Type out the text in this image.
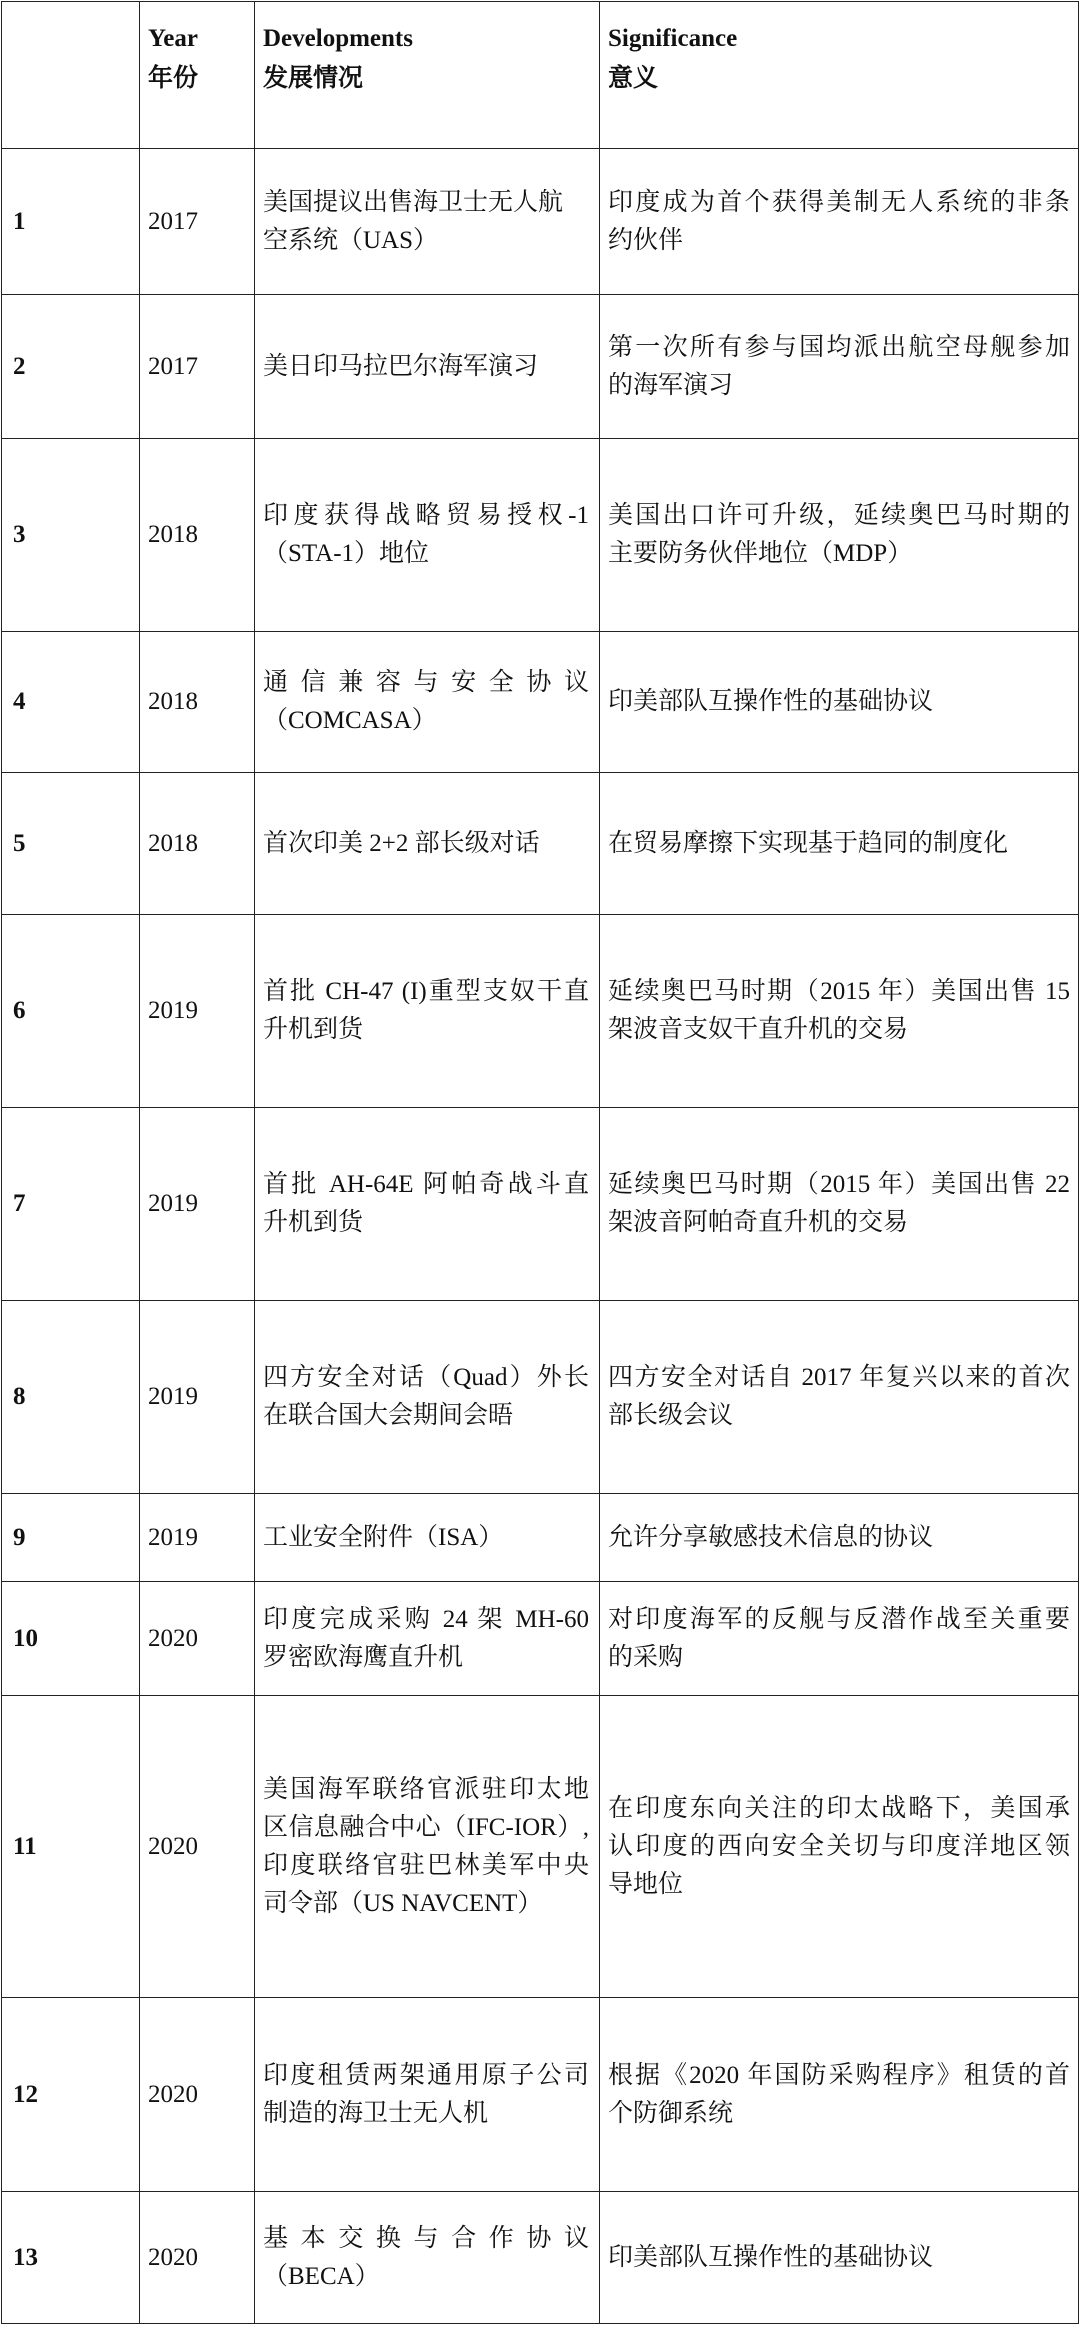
	Year
年份	Developments
发展情况	Significance
意义

1	2017	美国提议出售海卫士无人航
空系统（UAS）	印度成为首个获得美制无人系统的非条
约伙伴

2	2017	美日印马拉巴尔海军演习	第一次所有参与国均派出航空母舰参加
的海军演习

3	2018	印度获得战略贸易授权-1
（STA-1）地位	美国出口许可升级，延续奥巴马时期的
主要防务伙伴地位（MDP）

4	2018	通信兼容与安全协议
（COMCASA）	印美部队互操作性的基础协议

5	2018	首次印美 2+2 部长级对话	在贸易摩擦下实现基于趋同的制度化

6	2019	首批 CH-47 (I)重型支奴干直
升机到货	延续奥巴马时期（2015 年）美国出售 15
架波音支奴干直升机的交易

7	2019	首批 AH-64E 阿帕奇战斗直
升机到货	延续奥巴马时期（2015 年）美国出售 22
架波音阿帕奇直升机的交易

8	2019	四方安全对话（Quad）外长
在联合国大会期间会晤	四方安全对话自 2017 年复兴以来的首次
部长级会议

9	2019	工业安全附件（ISA）	允许分享敏感技术信息的协议

10	2020	印度完成采购 24 架 MH-60
罗密欧海鹰直升机	对印度海军的反舰与反潜作战至关重要
的采购

11	2020	美国海军联络官派驻印太地
区信息融合中心（IFC-IOR）,
印度联络官驻巴林美军中央
司令部（US NAVCENT）	在印度东向关注的印太战略下，美国承
认印度的西向安全关切与印度洋地区领
导地位

12	2020	印度租赁两架通用原子公司
制造的海卫士无人机	根据《2020 年国防采购程序》租赁的首
个防御系统

13	2020	基本交换与合作协议
（BECA）	印美部队互操作性的基础协议
